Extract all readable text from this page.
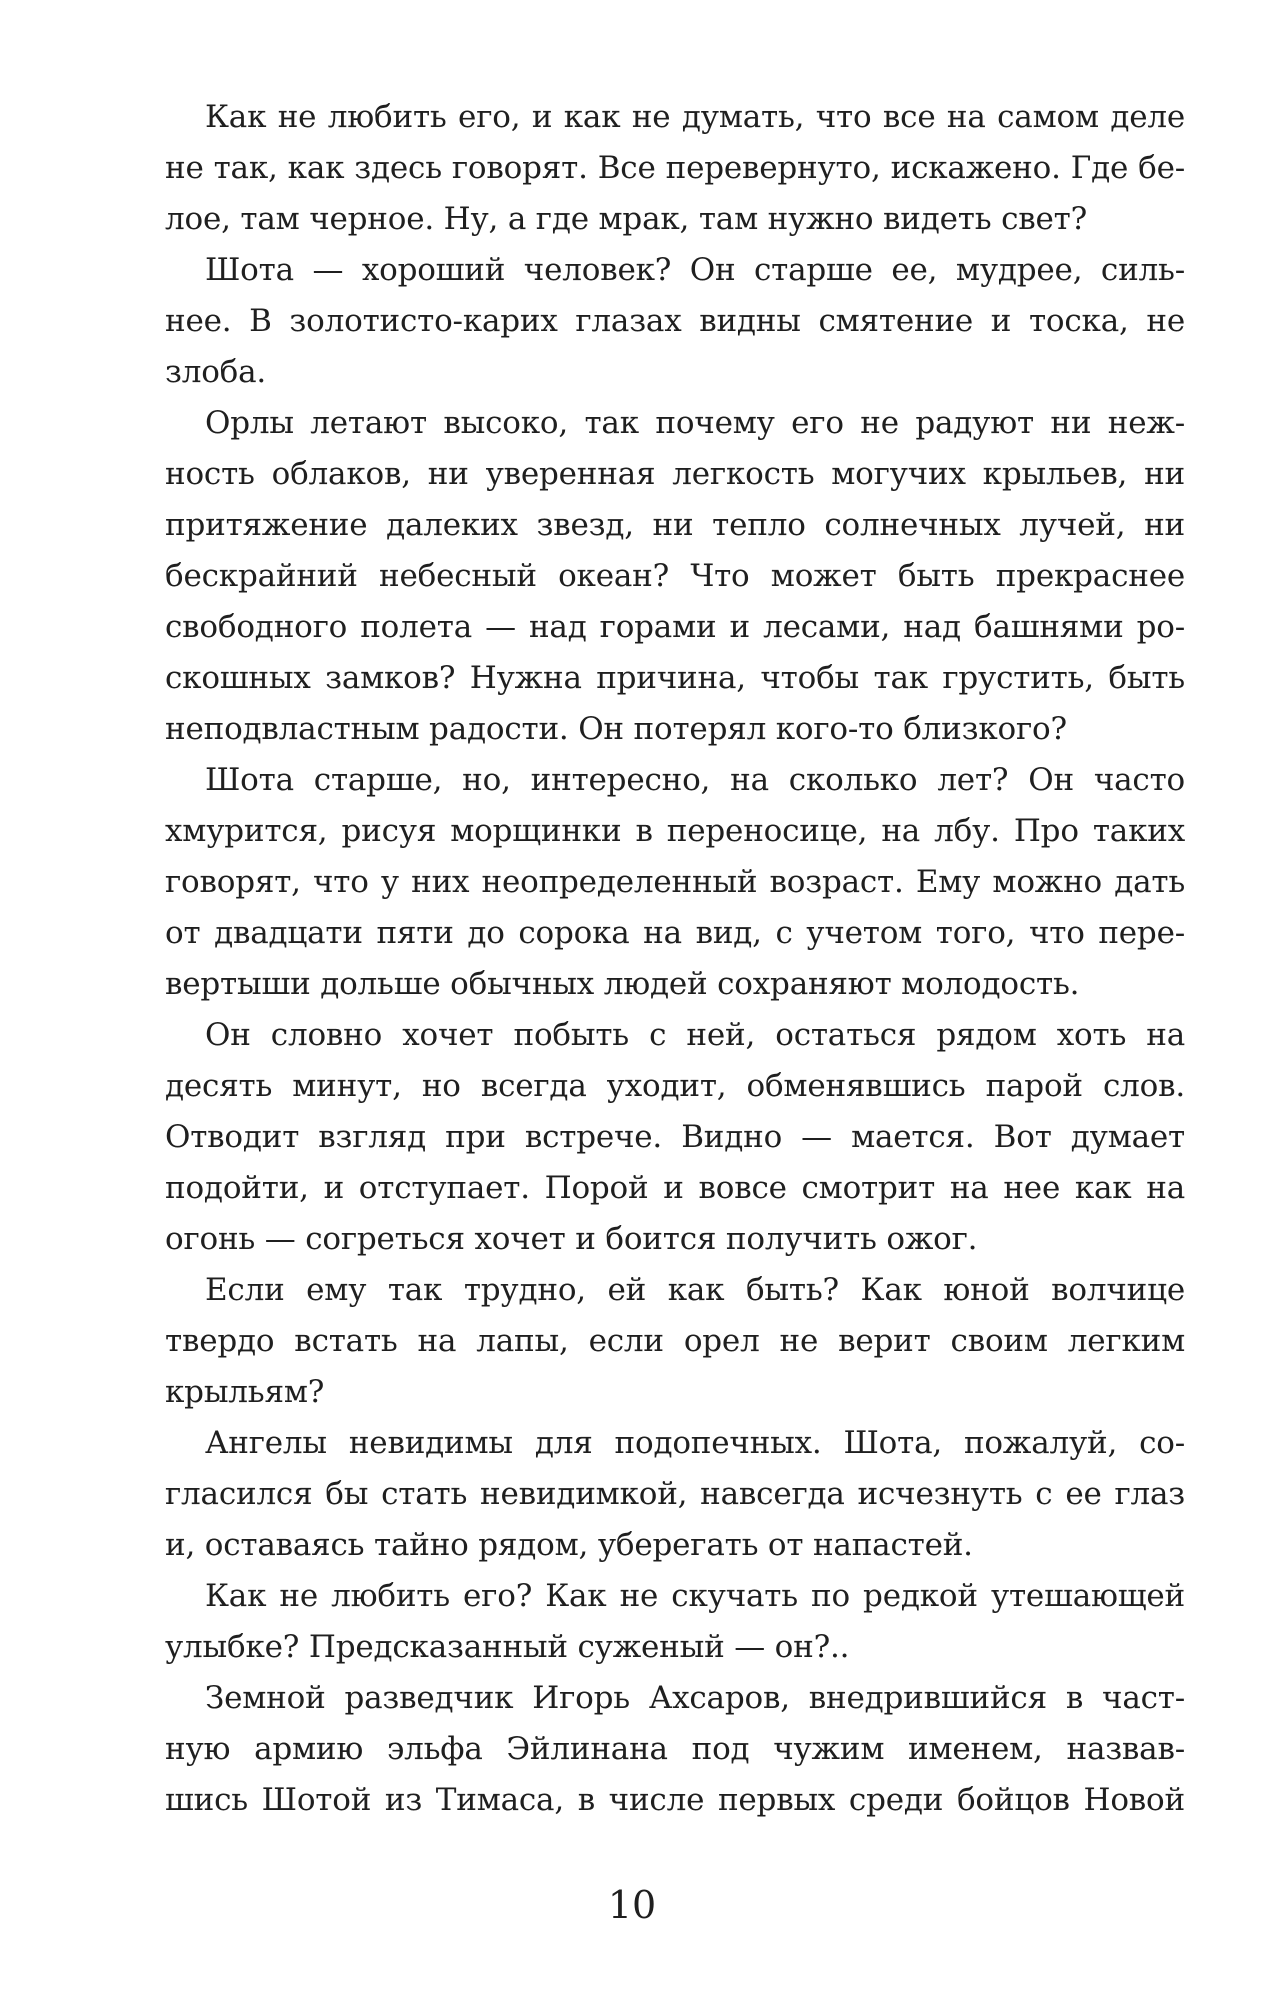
Как не любить его, и как не думать, что все на самом деле
не так, как здесь говорят. Все перевернуто, искажено. Где бе-
лое, там черное. Ну, а где мрак, там нужно видеть свет?
Шота — хороший человек? Он старше ее, мудрее, силь-
нее. В золотисто-карих глазах видны смятение и тоска, не
злоба.
Орлы летают высоко, так почему его не радуют ни неж-
ность облаков, ни уверенная легкость могучих крыльев, ни
притяжение далеких звезд, ни тепло солнечных лучей, ни
бескрайний небесный океан? Что может быть прекраснее
свободного полета — над горами и лесами, над башнями ро-
скошных замков? Нужна причина, чтобы так грустить, быть
неподвластным радости. Он потерял кого-то близкого?
Шота старше, но, интересно, на сколько лет? Он часто
хмурится, рисуя морщинки в переносице, на лбу. Про таких
говорят, что у них неопределенный возраст. Ему можно дать
от двадцати пяти до сорока на вид, с учетом того, что пере-
вертыши дольше обычных людей сохраняют молодость.
Он словно хочет побыть с ней, остаться рядом хоть на
десять минут, но всегда уходит, обменявшись парой слов.
Отводит взгляд при встрече. Видно — мается. Вот думает
подойти, и отступает. Порой и вовсе смотрит на нее как на
огонь — согреться хочет и боится получить ожог.
Если ему так трудно, ей как быть? Как юной волчице
твердо встать на лапы, если орел не верит своим легким
крыльям?
Ангелы невидимы для подопечных. Шота, пожалуй, со-
гласился бы стать невидимкой, навсегда исчезнуть с ее глаз
и, оставаясь тайно рядом, уберегать от напастей.
Как не любить его? Как не скучать по редкой утешающей
улыбке? Предсказанный суженый — он?..
Земной разведчик Игорь Ахсаров, внедрившийся в част-
ную армию эльфа Эйлинана под чужим именем, назвав-
шись Шотой из Тимаса, в числе первых среди бойцов Новой
10
